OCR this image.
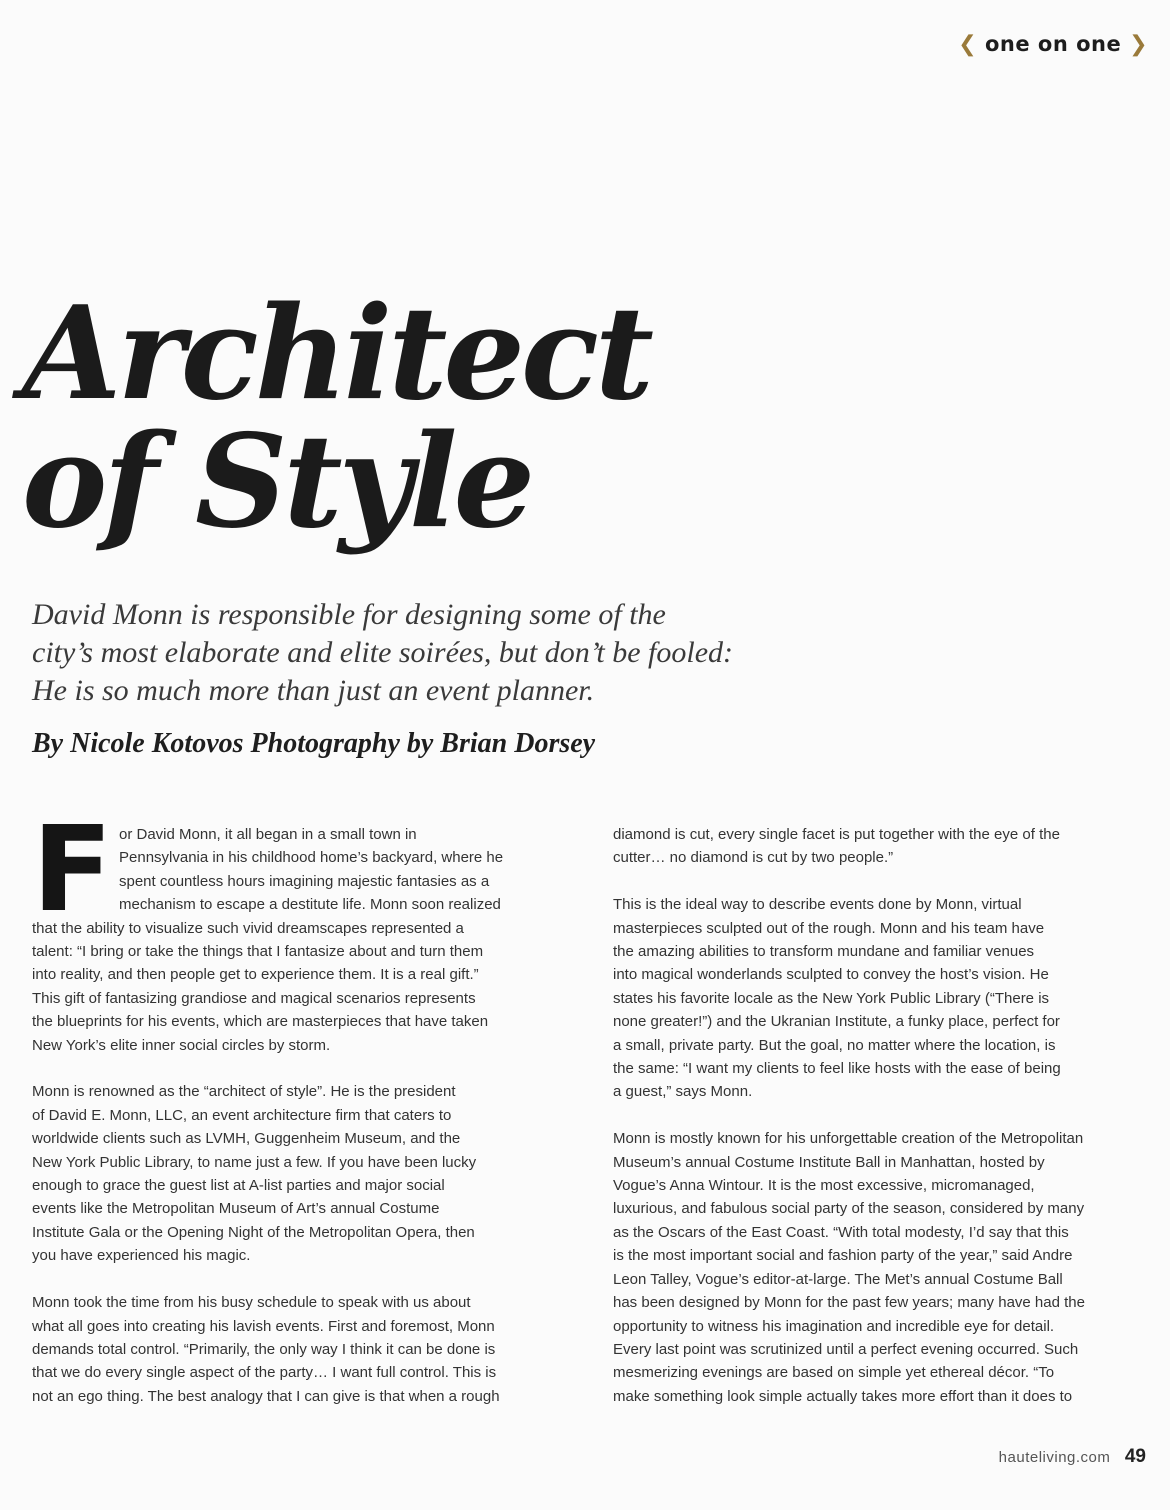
❮ one on one ❯
Architect
of Style
David Monn is responsible for designing some of the
city’s most elaborate and elite soirées, but don’t be fooled:
He is so much more than just an event planner.
By Nicole Kotovos Photography by Brian Dorsey
F or David Monn, it all began in a small town in
Pennsylvania in his childhood home’s backyard, where he
spent countless hours imagining majestic fantasies as a
mechanism to escape a destitute life. Monn soon realized
that the ability to visualize such vivid dreamscapes represented a
talent: “I bring or take the things that I fantasize about and turn them
into reality, and then people get to experience them. It is a real gift.”
This gift of fantasizing grandiose and magical scenarios represents
the blueprints for his events, which are masterpieces that have taken
New York’s elite inner social circles by storm.

Monn is renowned as the “architect of style”. He is the president
of David E. Monn, LLC, an event architecture firm that caters to
worldwide clients such as LVMH, Guggenheim Museum, and the
New York Public Library, to name just a few. If you have been lucky
enough to grace the guest list at A-list parties and major social
events like the Metropolitan Museum of Art’s annual Costume
Institute Gala or the Opening Night of the Metropolitan Opera, then
you have experienced his magic.

Monn took the time from his busy schedule to speak with us about
what all goes into creating his lavish events. First and foremost, Monn
demands total control. “Primarily, the only way I think it can be done is
that we do every single aspect of the party… I want full control. This is
not an ego thing. The best analogy that I can give is that when a rough

diamond is cut, every single facet is put together with the eye of the
cutter… no diamond is cut by two people.”

This is the ideal way to describe events done by Monn, virtual
masterpieces sculpted out of the rough. Monn and his team have
the amazing abilities to transform mundane and familiar venues
into magical wonderlands sculpted to convey the host’s vision. He
states his favorite locale as the New York Public Library (“There is
none greater!”) and the Ukranian Institute, a funky place, perfect for
a small, private party. But the goal, no matter where the location, is
the same: “I want my clients to feel like hosts with the ease of being
a guest,” says Monn.

Monn is mostly known for his unforgettable creation of the Metropolitan
Museum’s annual Costume Institute Ball in Manhattan, hosted by
Vogue’s Anna Wintour. It is the most excessive, micromanaged,
luxurious, and fabulous social party of the season, considered by many
as the Oscars of the East Coast. “With total modesty, I’d say that this
is the most important social and fashion party of the year,” said Andre
Leon Talley, Vogue’s editor-at-large. The Met’s annual Costume Ball
has been designed by Monn for the past few years; many have had the
opportunity to witness his imagination and incredible eye for detail.
Every last point was scrutinized until a perfect evening occurred. Such
mesmerizing evenings are based on simple yet ethereal décor. “To
make something look simple actually takes more effort than it does to

hauteliving.com 49
